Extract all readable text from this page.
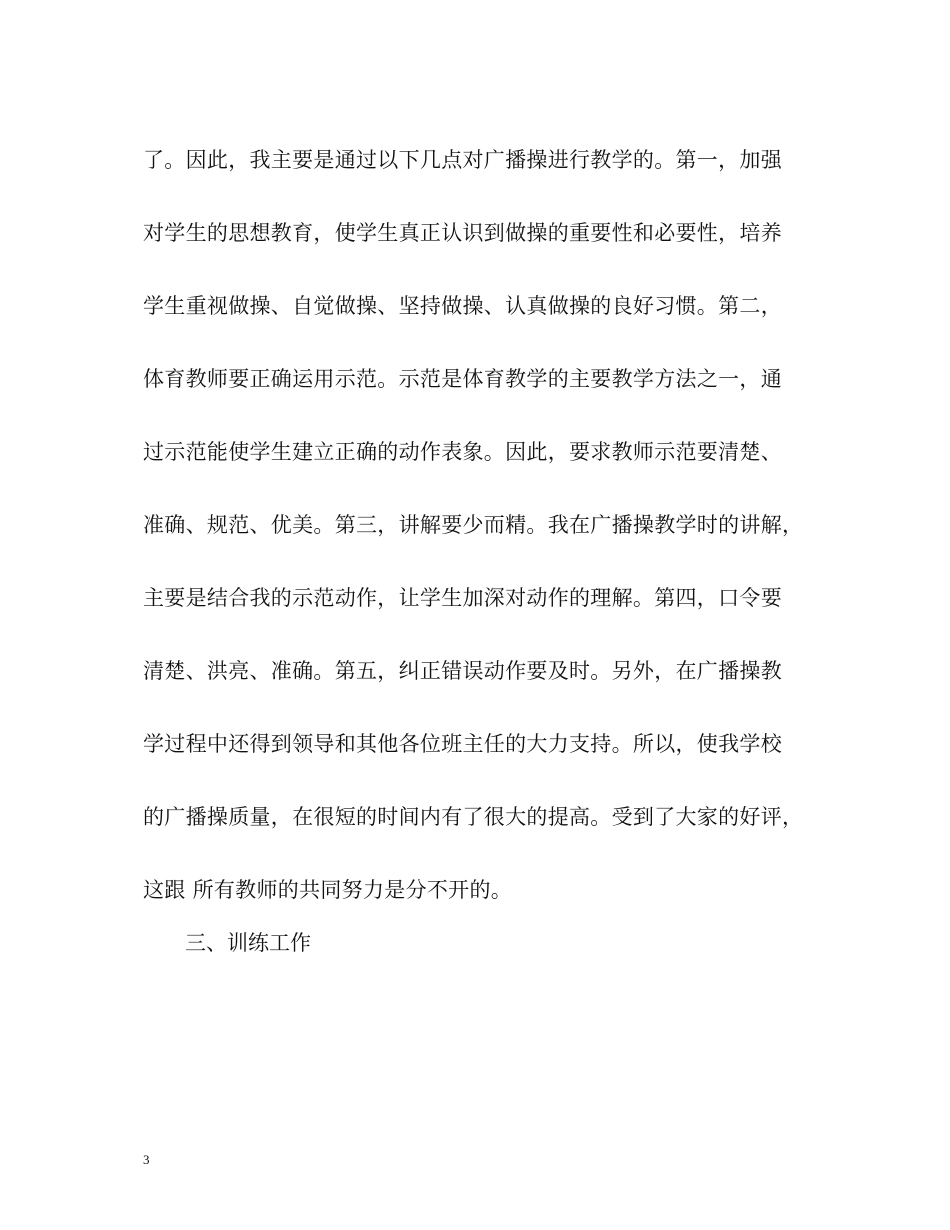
了。因此，我主要是通过以下几点对广播操进行教学的。第一，加强
对学生的思想教育，使学生真正认识到做操的重要性和必要性，培养
学生重视做操、自觉做操、坚持做操、认真做操的良好习惯。第二，
体育教师要正确运用示范。示范是体育教学的主要教学方法之一，通
过示范能使学生建立正确的动作表象。因此，要求教师示范要清楚、
准确、规范、优美。第三，讲解要少而精。我在广播操教学时的讲解，
主要是结合我的示范动作，让学生加深对动作的理解。第四，口令要
清楚、洪亮、准确。第五，纠正错误动作要及时。另外，在广播操教
学过程中还得到领导和其他各位班主任的大力支持。所以，使我学校
的广播操质量，在很短的时间内有了很大的提高。受到了大家的好评，
这跟 所有教师的共同努力是分不开的。
三、训练工作
3
